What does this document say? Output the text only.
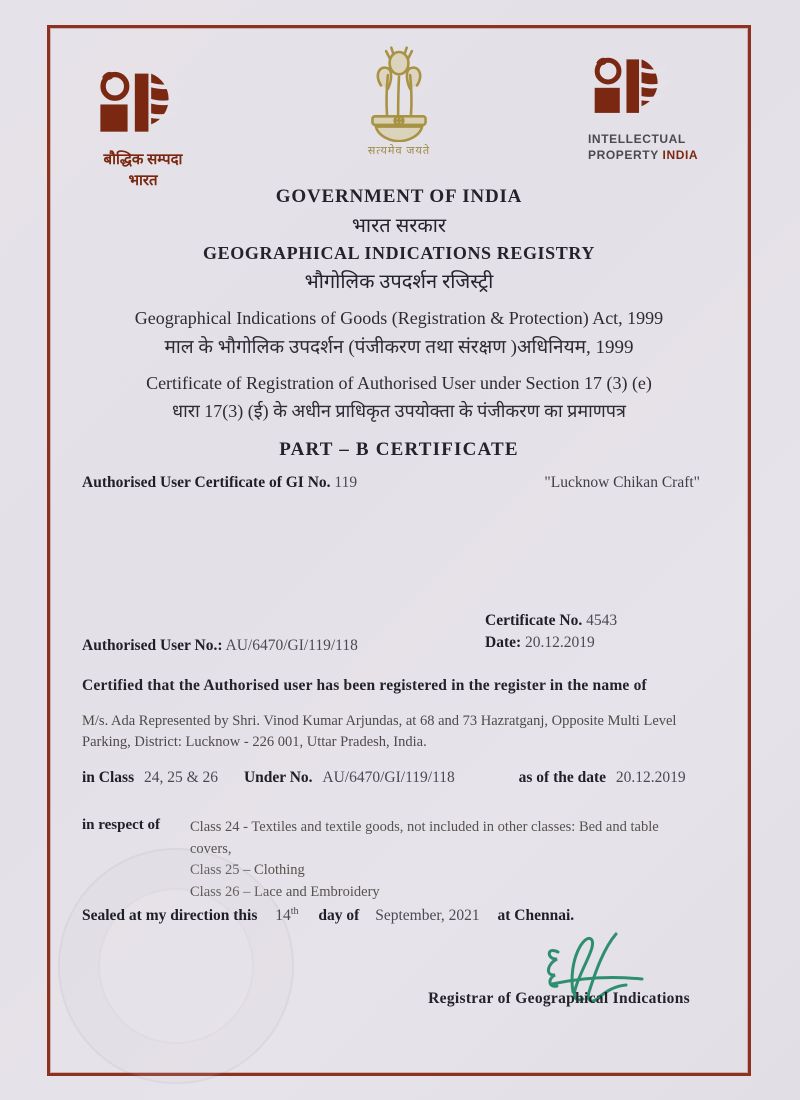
सत्यमेव जयते
बौद्धिक सम्पदा
भारत
INTELLECTUAL
PROPERTY INDIA
GOVERNMENT OF INDIA
भारत सरकार
GEOGRAPHICAL INDICATIONS REGISTRY
भौगोलिक उपदर्शन रजिस्ट्री
Geographical Indications of Goods (Registration & Protection) Act, 1999
माल के भौगोलिक उपदर्शन (पंजीकरण तथा संरक्षण )अधिनियम, 1999
Certificate of Registration of Authorised User under Section 17 (3) (e)
धारा 17(3) (ई) के अधीन प्राधिकृत उपयोक्ता के पंजीकरण का प्रमाणपत्र
PART – B CERTIFICATE
Authorised User Certificate of GI No. 119	"Lucknow Chikan Craft"
Authorised User No.: AU/6470/GI/119/118
Certificate No. 4543
Date: 20.12.2019
Certified that the Authorised user has been registered in the register in the name of
M/s. Ada Represented by Shri. Vinod Kumar Arjundas, at 68 and 73 Hazratganj, Opposite Multi Level Parking, District: Lucknow - 226 001, Uttar Pradesh, India.
in Class 24, 25 & 26 Under No. AU/6470/GI/119/118	as of the date 20.12.2019
in respect of	Class 24 - Textiles and textile goods, not included in other classes: Bed and table covers,
Class 25 – Clothing
Class 26 – Lace and Embroidery
Sealed at my direction this 14th day of September, 2021 at Chennai.
Registrar of Geographical Indications
